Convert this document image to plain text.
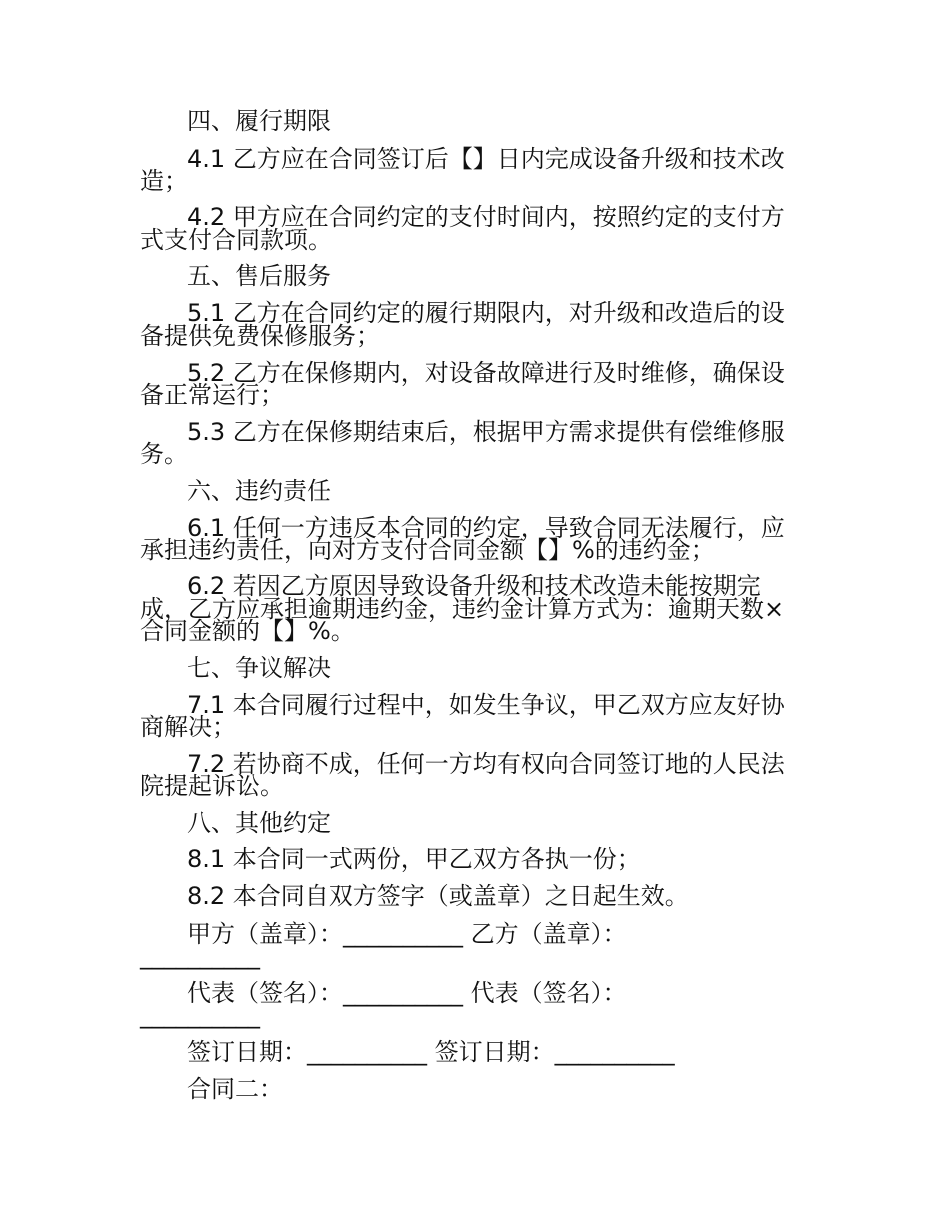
四、履行期限
4.1 乙方应在合同签订后【】日内完成设备升级和技术改
造；
4.2 甲方应在合同约定的支付时间内，按照约定的支付方
式支付合同款项。
五、售后服务
5.1 乙方在合同约定的履行期限内，对升级和改造后的设
备提供免费保修服务；
5.2 乙方在保修期内，对设备故障进行及时维修，确保设
备正常运行；
5.3 乙方在保修期结束后，根据甲方需求提供有偿维修服
务。
六、违约责任
6.1 任何一方违反本合同的约定，导致合同无法履行，应
承担违约责任，向对方支付合同金额【】%的违约金；
6.2 若因乙方原因导致设备升级和技术改造未能按期完
成，乙方应承担逾期违约金，违约金计算方式为：逾期天数×
合同金额的【】%。
七、争议解决
7.1 本合同履行过程中，如发生争议，甲乙双方应友好协
商解决；
7.2 若协商不成，任何一方均有权向合同签订地的人民法
院提起诉讼。
八、其他约定
8.1 本合同一式两份，甲乙双方各执一份；
8.2 本合同自双方签字（或盖章）之日起生效。
甲方（盖章）：__________ 乙方（盖章）：
__________
代表（签名）：__________ 代表（签名）：
__________
签订日期：__________ 签订日期：__________
合同二：
